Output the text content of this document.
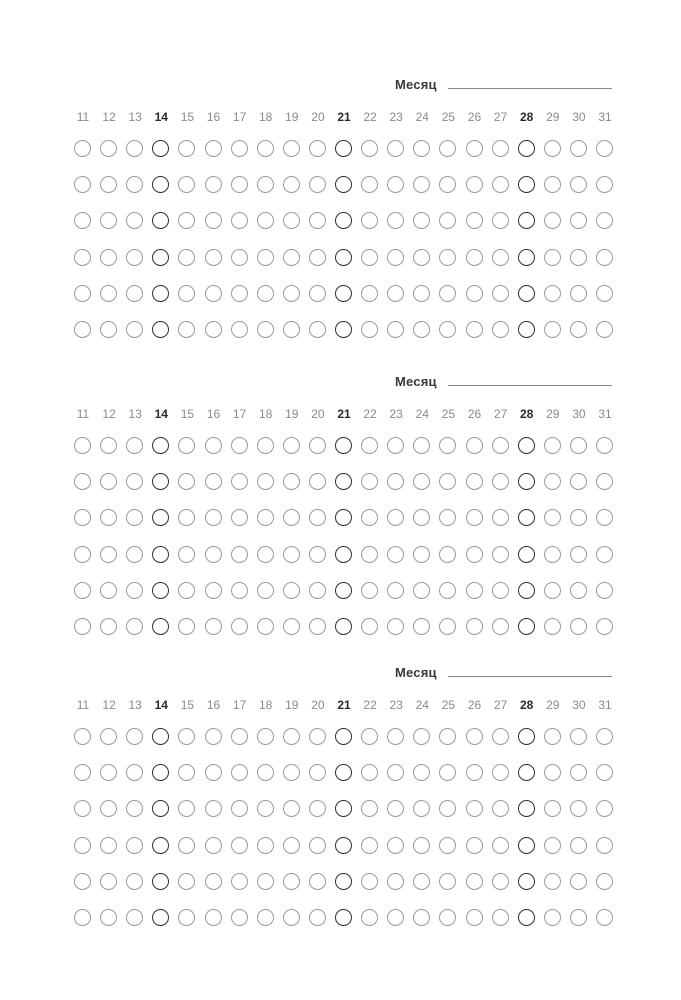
Месяц
11	12	13	14	15	16	17	18	19	20	21	22	23	24	25	26	27	28	29	30	31
Месяц
11	12	13	14	15	16	17	18	19	20	21	22	23	24	25	26	27	28	29	30	31
Месяц
11	12	13	14	15	16	17	18	19	20	21	22	23	24	25	26	27	28	29	30	31
